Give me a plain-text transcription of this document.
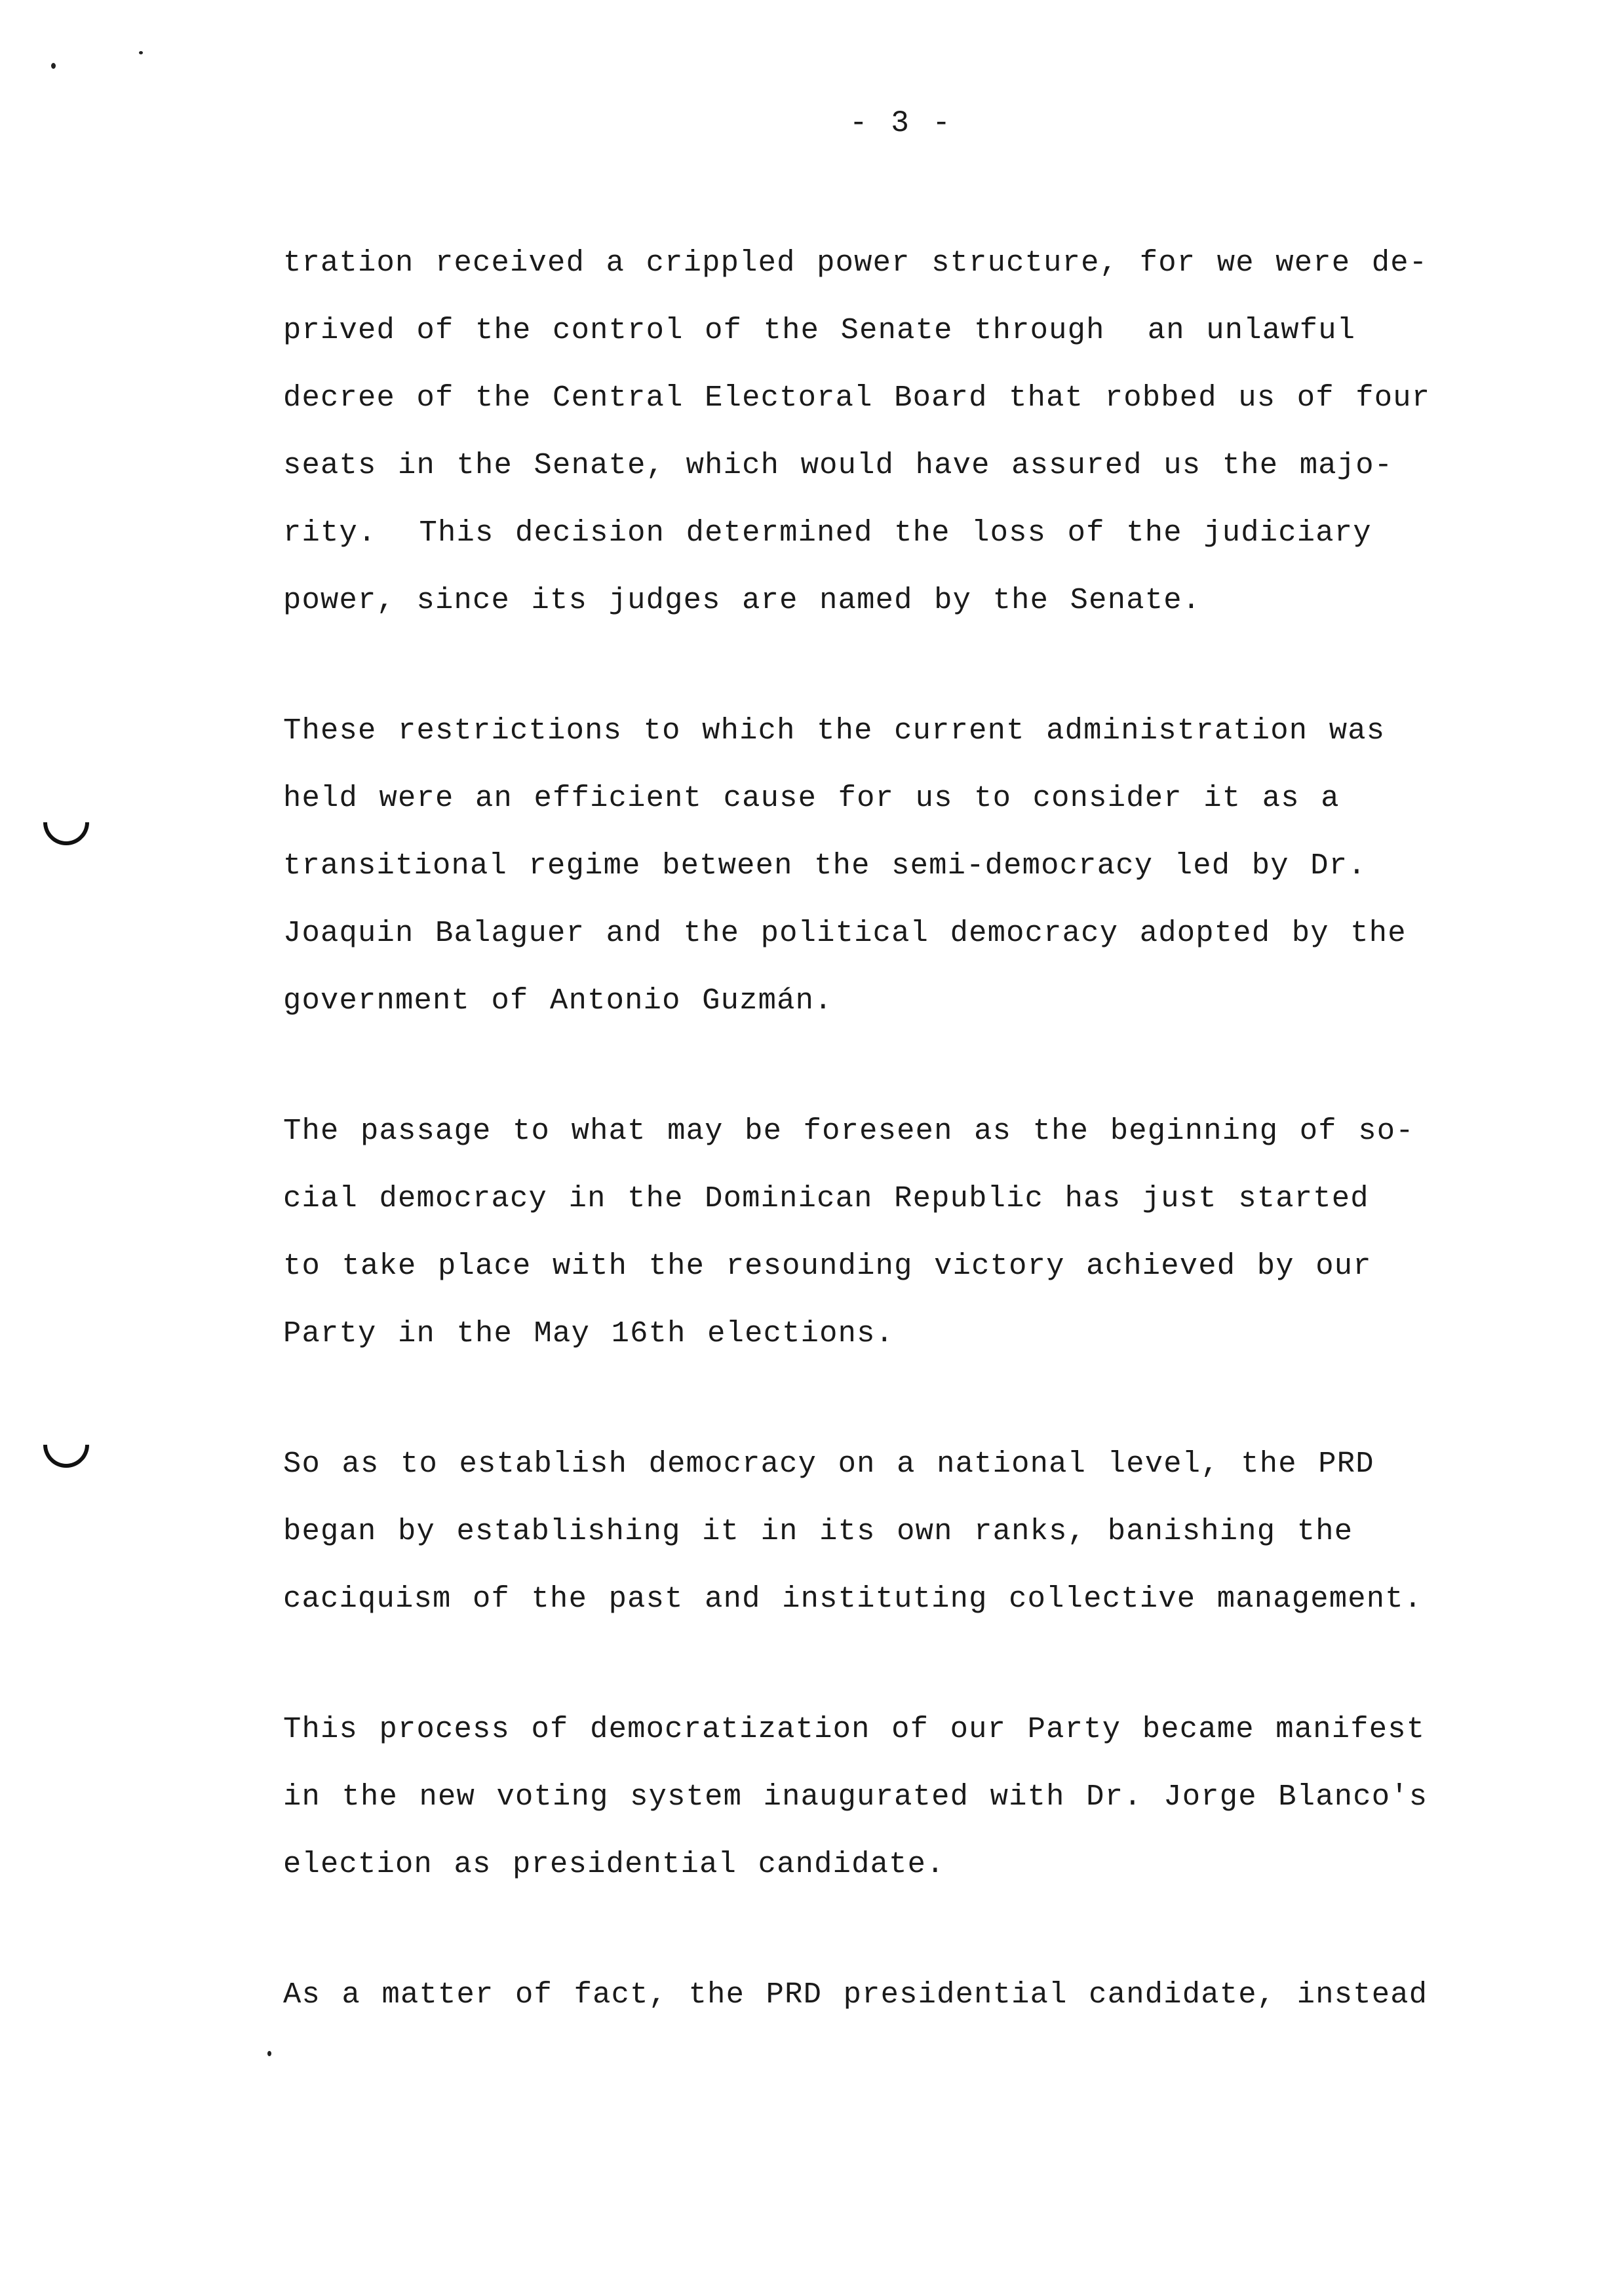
- 3 -

tration received a crippled power structure, for we were de-
prived of the control of the Senate through  an unlawful
decree of the Central Electoral Board that robbed us of four
seats in the Senate, which would have assured us the majo-
rity.  This decision determined the loss of the judiciary
power, since its judges are named by the Senate.

These restrictions to which the current administration was
held were an efficient cause for us to consider it as a
transitional regime between the semi-democracy led by Dr.
Joaquin Balaguer and the political democracy adopted by the
government of Antonio Guzmán.

The passage to what may be foreseen as the beginning of so-
cial democracy in the Dominican Republic has just started
to take place with the resounding victory achieved by our
Party in the May 16th elections.

So as to establish democracy on a national level, the PRD
began by establishing it in its own ranks, banishing the
caciquism of the past and instituting collective management.

This process of democratization of our Party became manifest
in the new voting system inaugurated with Dr. Jorge Blanco's
election as presidential candidate.

As a matter of fact, the PRD presidential candidate, instead
